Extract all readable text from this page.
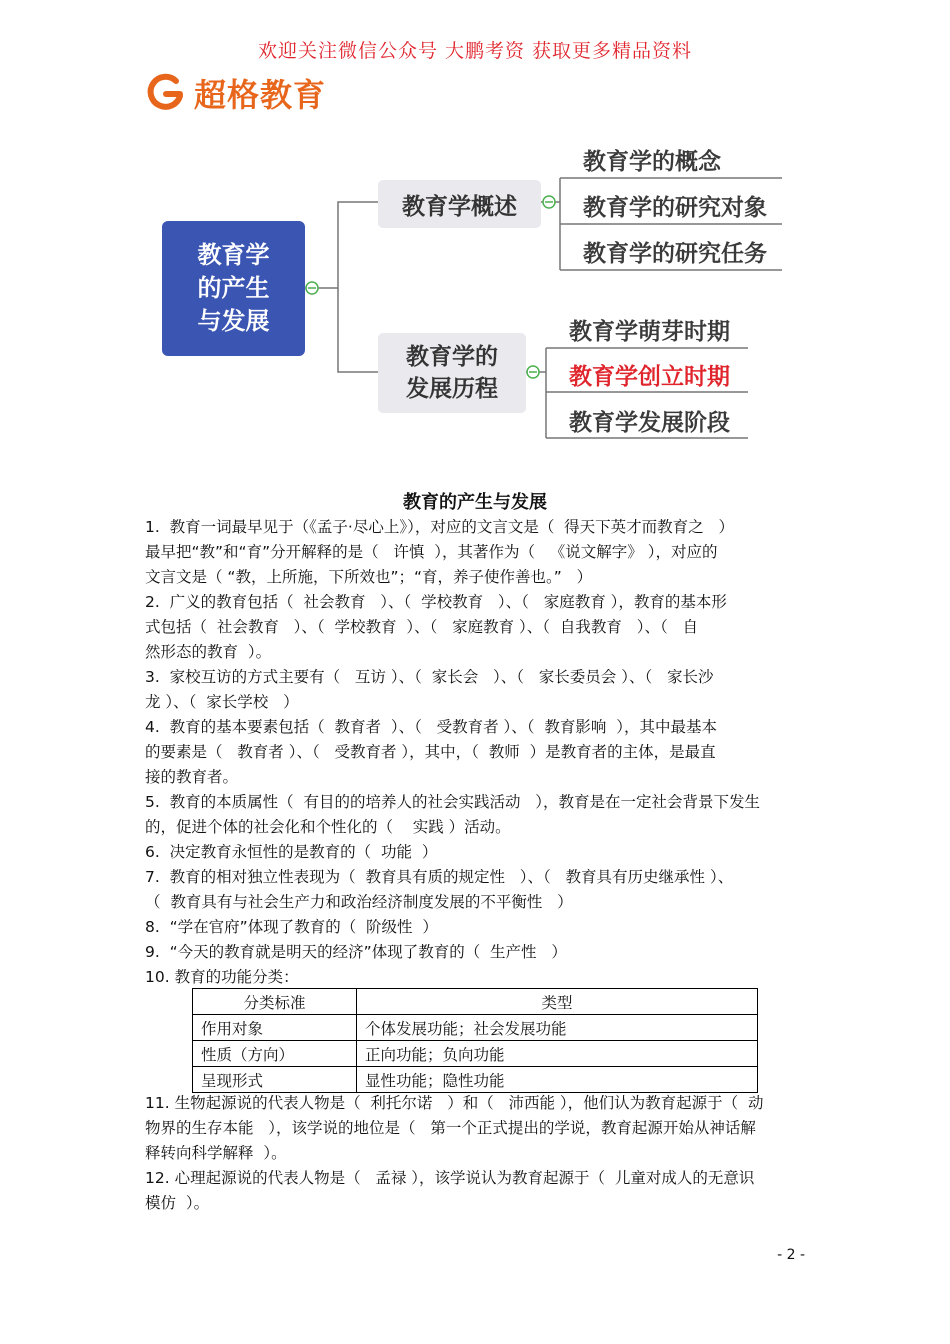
欢迎关注微信公众号 大鹏考资 获取更多精品资料
超格教育
教育学的产生与发展
教育学概述
教育学的发展历程
教育学的概念
教育学的研究对象
教育学的研究任务
教育学萌芽时期
教育学创立时期
教育学发展阶段
教育的产生与发展
1.  教育一词最早见于（《孟子·尽心上》），对应的文言文是（  得天下英才而教育之   ）
最早把“教”和“育”分开解释的是（   许慎  ），其著作为（   《说文解字》 ），对应的
文言文是（ “教，上所施，下所效也”；“育，养子使作善也。”   ）
2.  广义的教育包括（  社会教育   ）、（  学校教育   ）、（   家庭教育 ），教育的基本形
式包括（  社会教育   ）、（  学校教育  ）、（   家庭教育 ）、（  自我教育   ）、（   自
然形态的教育  ）。
3.  家校互访的方式主要有（   互访 ）、（  家长会   ）、（   家长委员会 ）、（   家长沙
龙 ）、（  家长学校   ）
4.  教育的基本要素包括（  教育者  ）、（   受教育者 ）、（  教育影响  ），其中最基本
的要素是（   教育者 ）、（   受教育者 ），其中，（  教师  ）是教育者的主体，是最直
接的教育者。
5.  教育的本质属性（  有目的的培养人的社会实践活动   ），教育是在一定社会背景下发生
的，促进个体的社会化和个性化的（    实践 ）活动。
6.  决定教育永恒性的是教育的（  功能  ）
7.  教育的相对独立性表现为（  教育具有质的规定性   ）、（   教育具有历史继承性 ）、
（  教育具有与社会生产力和政治经济制度发展的不平衡性   ）
8.  “学在官府”体现了教育的（  阶级性  ）
9.  “今天的教育就是明天的经济”体现了教育的（  生产性   ）
10. 教育的功能分类：
分类标准	类型
作用对象	个体发展功能；社会发展功能
性质（方向）	正向功能；负向功能
呈现形式	显性功能；隐性功能
11. 生物起源说的代表人物是（  利托尔诺   ）和（   沛西能 ），他们认为教育起源于（  动
物界的生存本能   ），该学说的地位是（   第一个正式提出的学说，教育起源开始从神话解
释转向科学解释  ）。
12. 心理起源说的代表人物是（   孟禄 ），该学说认为教育起源于（  儿童对成人的无意识
模仿  ）。
- 2 -
